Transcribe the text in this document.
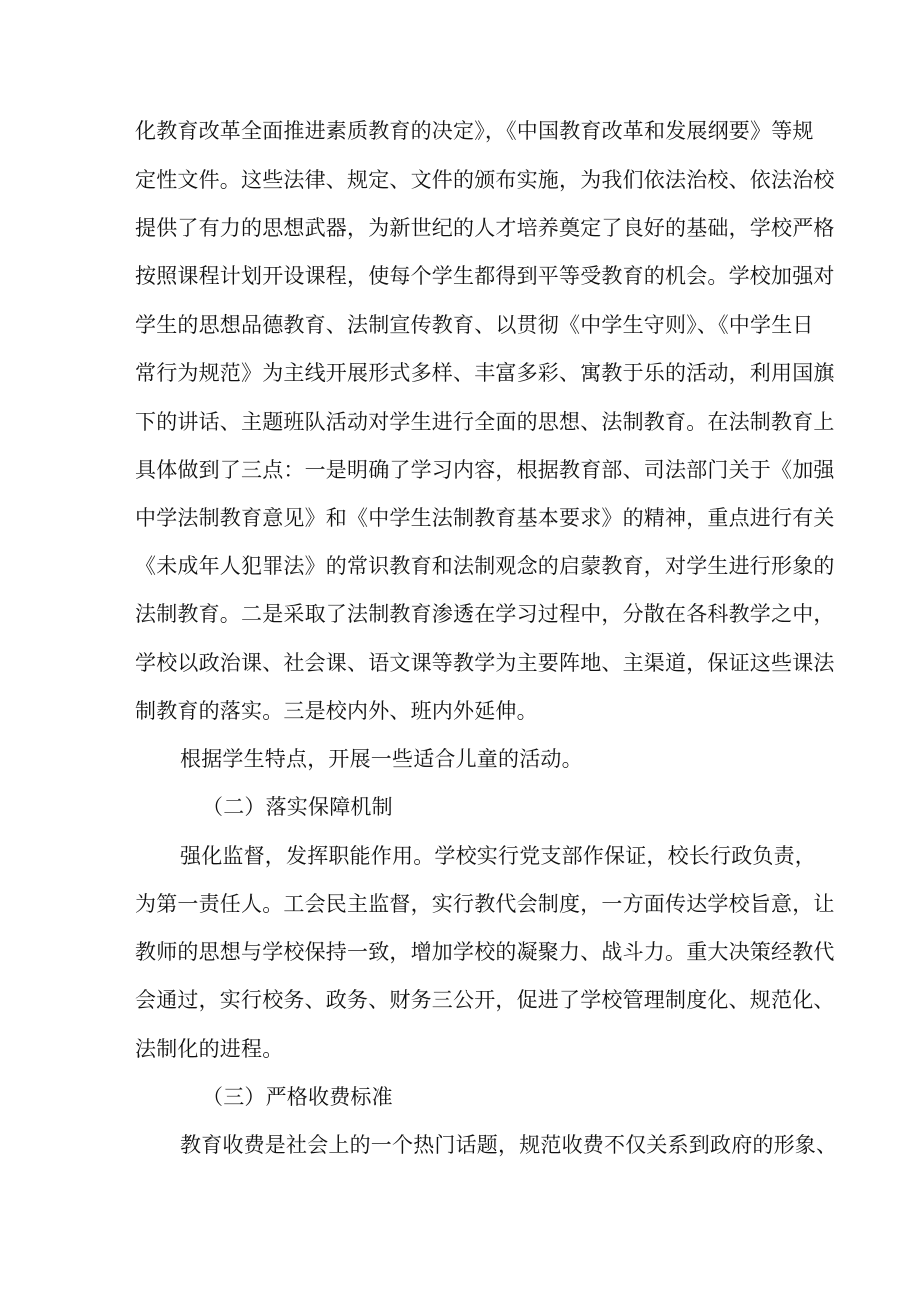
化教育改革全面推进素质教育的决定》，《中国教育改革和发展纲要》等规
定性文件。这些法律、规定、文件的颁布实施，为我们依法治校、依法治校
提供了有力的思想武器，为新世纪的人才培养奠定了良好的基础，学校严格
按照课程计划开设课程，使每个学生都得到平等受教育的机会。学校加强对
学生的思想品德教育、法制宣传教育、以贯彻《中学生守则》、《中学生日
常行为规范》为主线开展形式多样、丰富多彩、寓教于乐的活动，利用国旗
下的讲话、主题班队活动对学生进行全面的思想、法制教育。在法制教育上
具体做到了三点：一是明确了学习内容，根据教育部、司法部门关于《加强
中学法制教育意见》和《中学生法制教育基本要求》的精神，重点进行有关
《未成年人犯罪法》的常识教育和法制观念的启蒙教育，对学生进行形象的
法制教育。二是采取了法制教育渗透在学习过程中，分散在各科教学之中，
学校以政治课、社会课、语文课等教学为主要阵地、主渠道，保证这些课法
制教育的落实。三是校内外、班内外延伸。
根据学生特点，开展一些适合儿童的活动。
（二）落实保障机制
强化监督，发挥职能作用。学校实行党支部作保证，校长行政负责，
为第一责任人。工会民主监督，实行教代会制度，一方面传达学校旨意，让
教师的思想与学校保持一致，增加学校的凝聚力、战斗力。重大决策经教代
会通过，实行校务、政务、财务三公开，促进了学校管理制度化、规范化、
法制化的进程。
（三）严格收费标准
教育收费是社会上的一个热门话题，规范收费不仅关系到政府的形象、
